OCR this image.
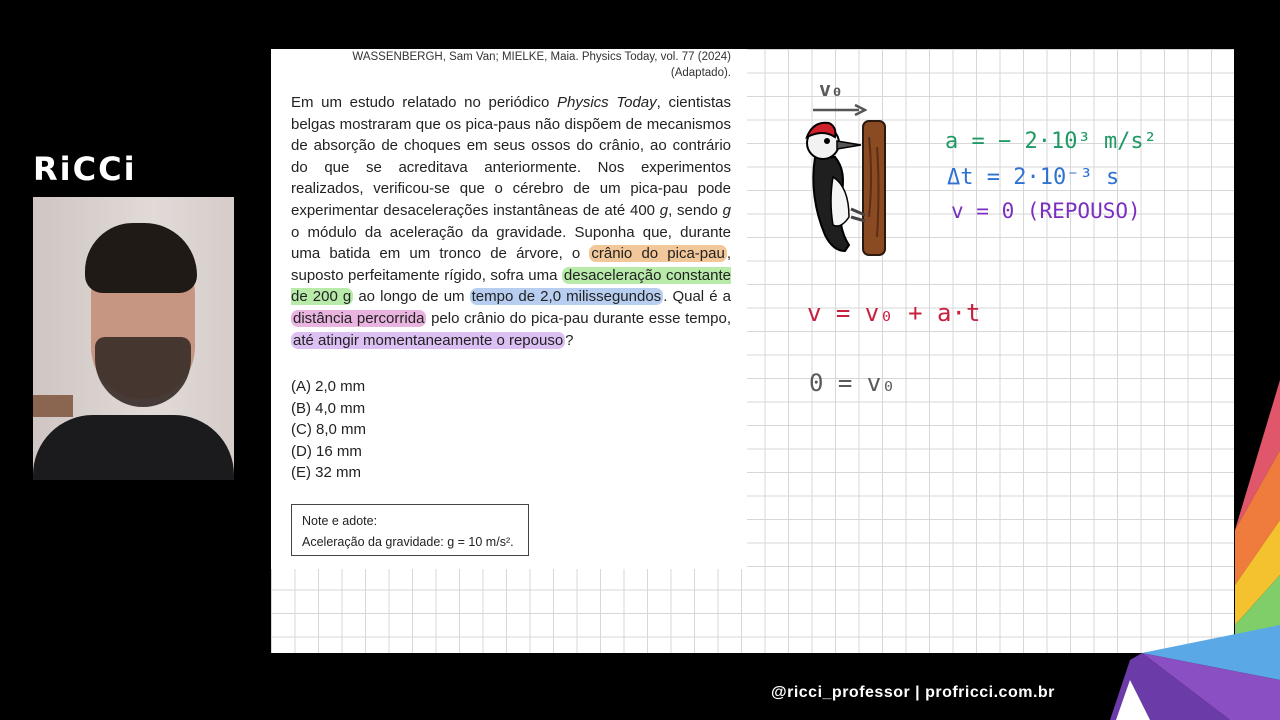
RiCCi
WASSENBERGH, Sam Van; MIELKE, Maia. Physics Today, vol. 77 (2024)
(Adaptado).
Em um estudo relatado no periódico Physics Today, cientistas belgas mostraram que os pica-paus não dispõem de mecanismos de absorção de choques em seus ossos do crânio, ao contrário do que se acreditava anteriormente. Nos experimentos realizados, verificou-se que o cérebro de um pica-pau pode experimentar desacelerações instantâneas de até 400 g, sendo g o módulo da aceleração da gravidade. Suponha que, durante uma batida em um tronco de árvore, o crânio do pica-pau , suposto perfeitamente rígido, sofra uma desaceleração constante de 200 g ao longo de um tempo de 2,0 milissegundos . Qual é a distância percorrida pelo crânio do pica-pau durante esse tempo, até atingir momentaneamente o repouso ?
(A) 2,0 mm
(B) 4,0 mm
(C) 8,0 mm
(D) 16 mm
(E) 32 mm
Note e adote:
Aceleração da gravidade: g = 10 m/s².
v₀
a = − 2·10³ m/s²
Δt = 2·10⁻³ s
v = 0 (REPOUSO)
v = v₀ + a·t
0 = v₀
@ricci_professor | profricci.com.br
